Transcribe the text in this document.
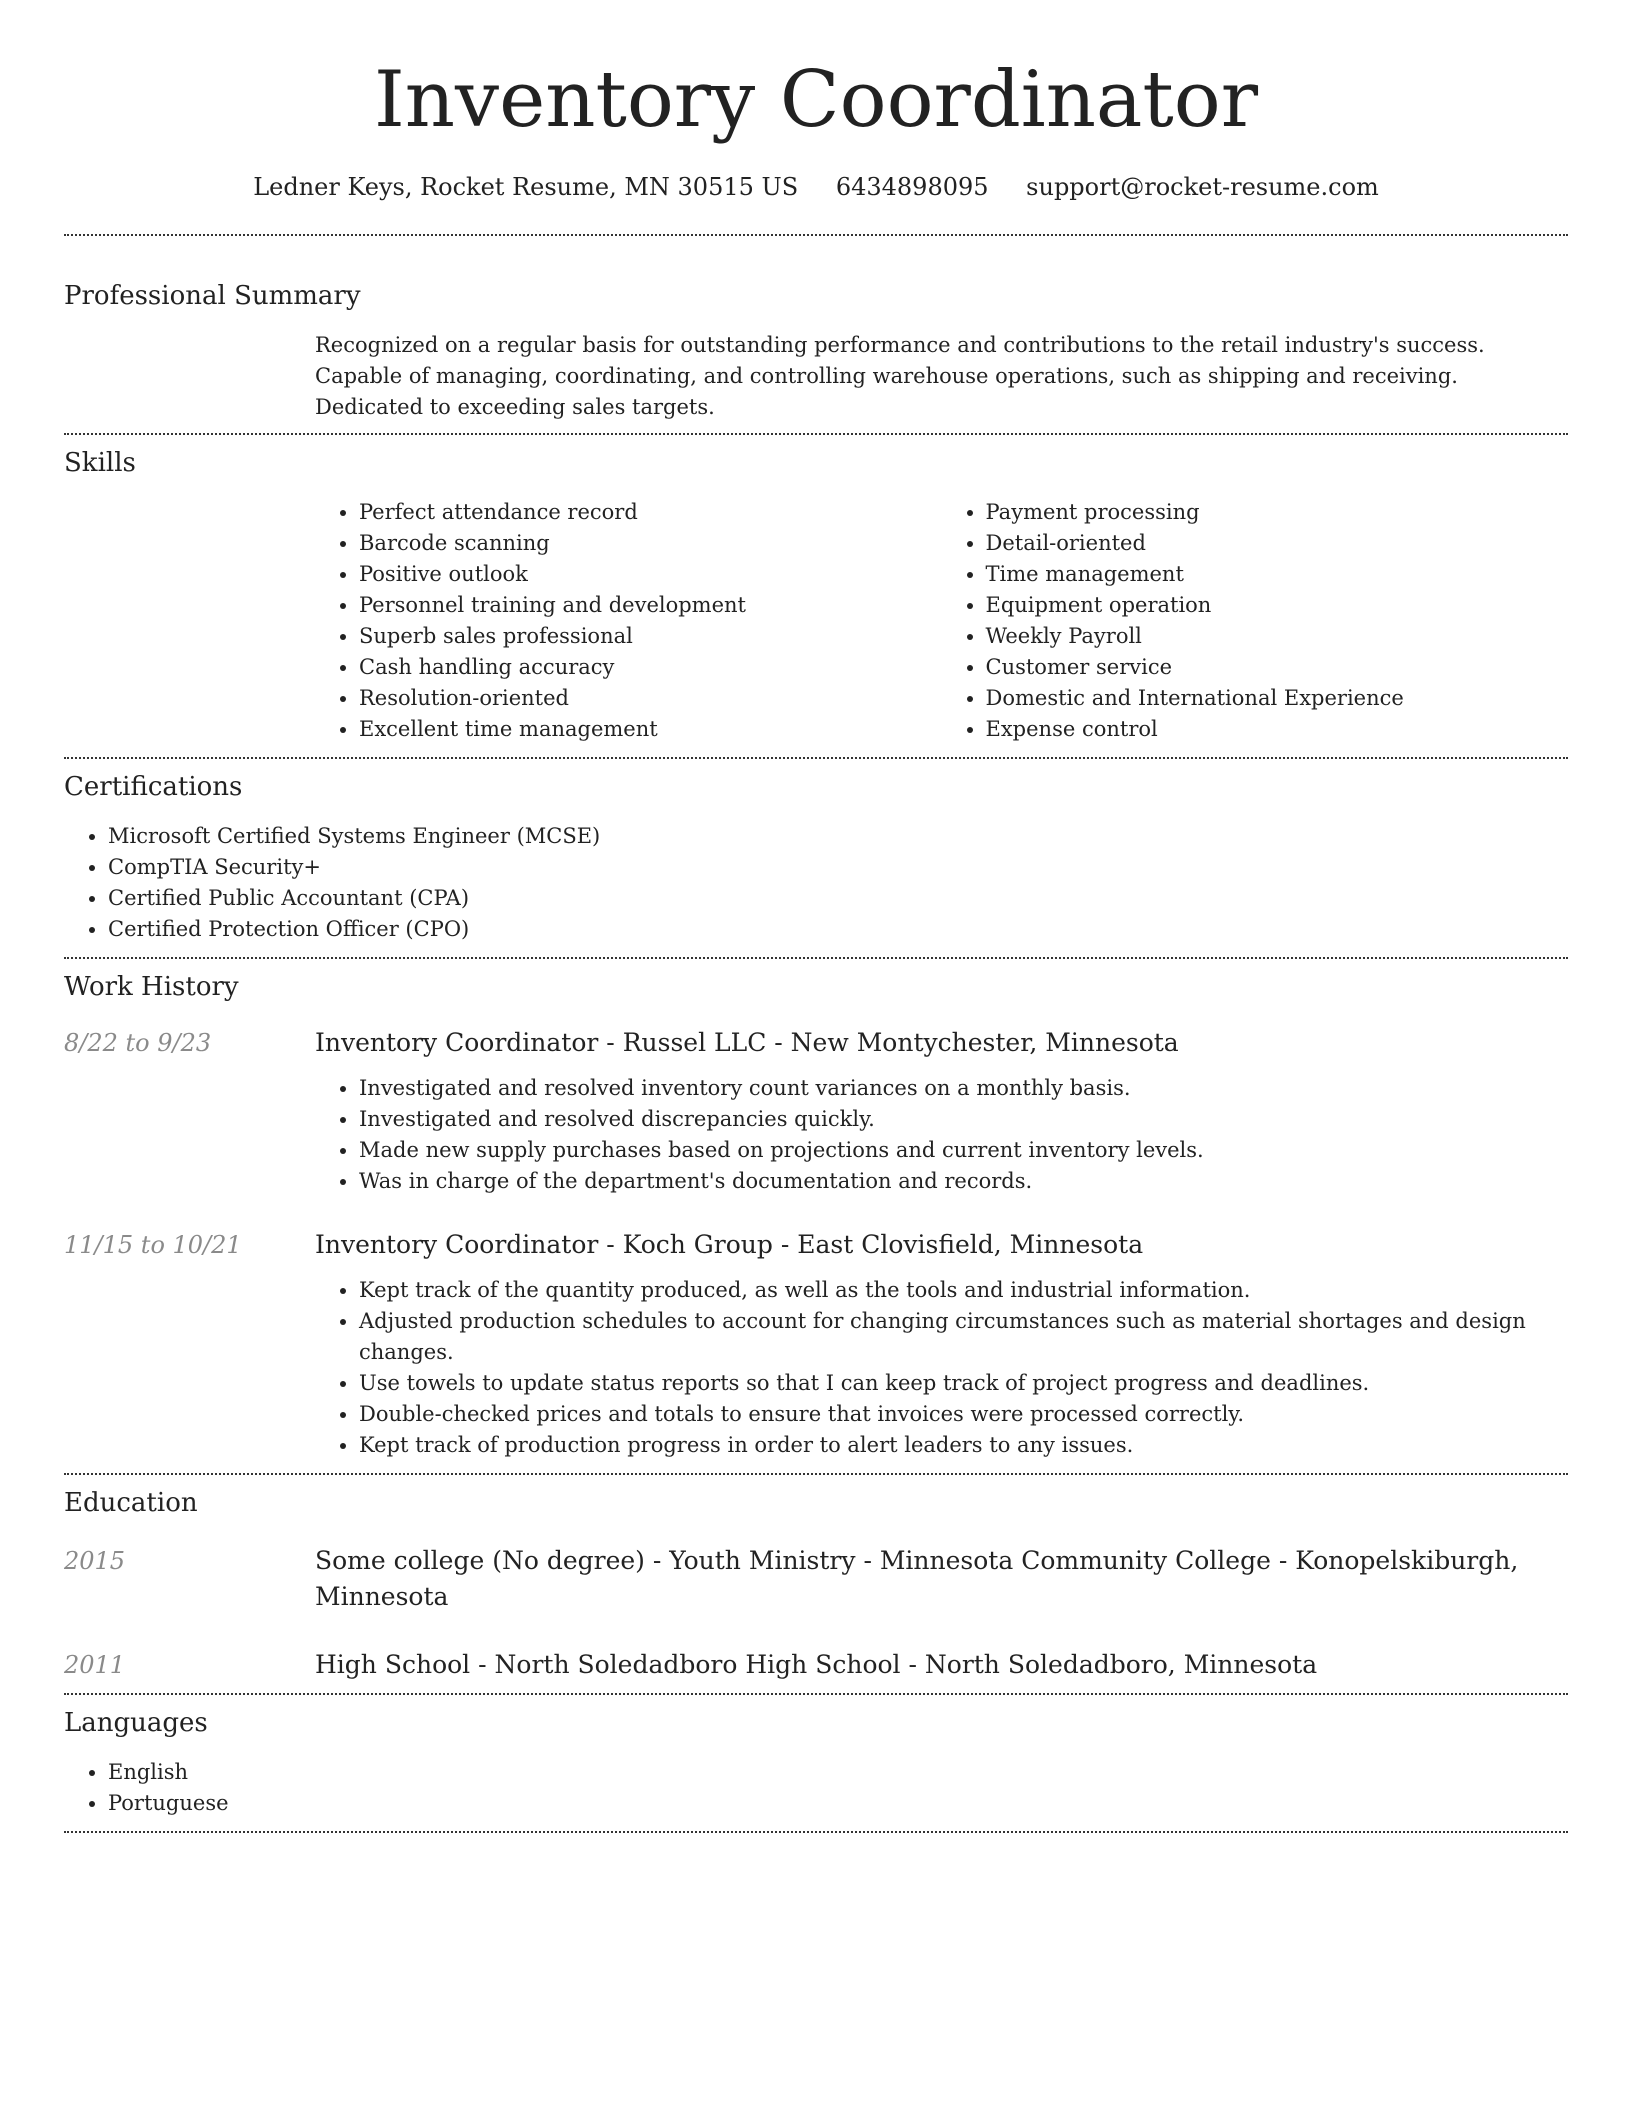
Inventory Coordinator
Ledner Keys, Rocket Resume, MN 30515 US 6434898095 support@rocket-resume.com
Professional Summary
Recognized on a regular basis for outstanding performance and contributions to the retail industry's success. Capable of managing, coordinating, and controlling warehouse operations, such as shipping and receiving. Dedicated to exceeding sales targets.
Skills
• Perfect attendance record
• Barcode scanning
• Positive outlook
• Personnel training and development
• Superb sales professional
• Cash handling accuracy
• Resolution-oriented
• Excellent time management
• Payment processing
• Detail-oriented
• Time management
• Equipment operation
• Weekly Payroll
• Customer service
• Domestic and International Experience
• Expense control
Certifications
• Microsoft Certified Systems Engineer (MCSE)
• CompTIA Security+
• Certified Public Accountant (CPA)
• Certified Protection Officer (CPO)
Work History
8/22 to 9/23	Inventory Coordinator - Russel LLC - New Montychester, Minnesota
• Investigated and resolved inventory count variances on a monthly basis.
• Investigated and resolved discrepancies quickly.
• Made new supply purchases based on projections and current inventory levels.
• Was in charge of the department's documentation and records.
11/15 to 10/21	Inventory Coordinator - Koch Group - East Clovisfield, Minnesota
• Kept track of the quantity produced, as well as the tools and industrial information.
• Adjusted production schedules to account for changing circumstances such as material shortages and design changes.
• Use towels to update status reports so that I can keep track of project progress and deadlines.
• Double-checked prices and totals to ensure that invoices were processed correctly.
• Kept track of production progress in order to alert leaders to any issues.
Education
2015	Some college (No degree) - Youth Ministry - Minnesota Community College - Konopelskiburgh, Minnesota
2011	High School - North Soledadboro High School - North Soledadboro, Minnesota
Languages
• English
• Portuguese
